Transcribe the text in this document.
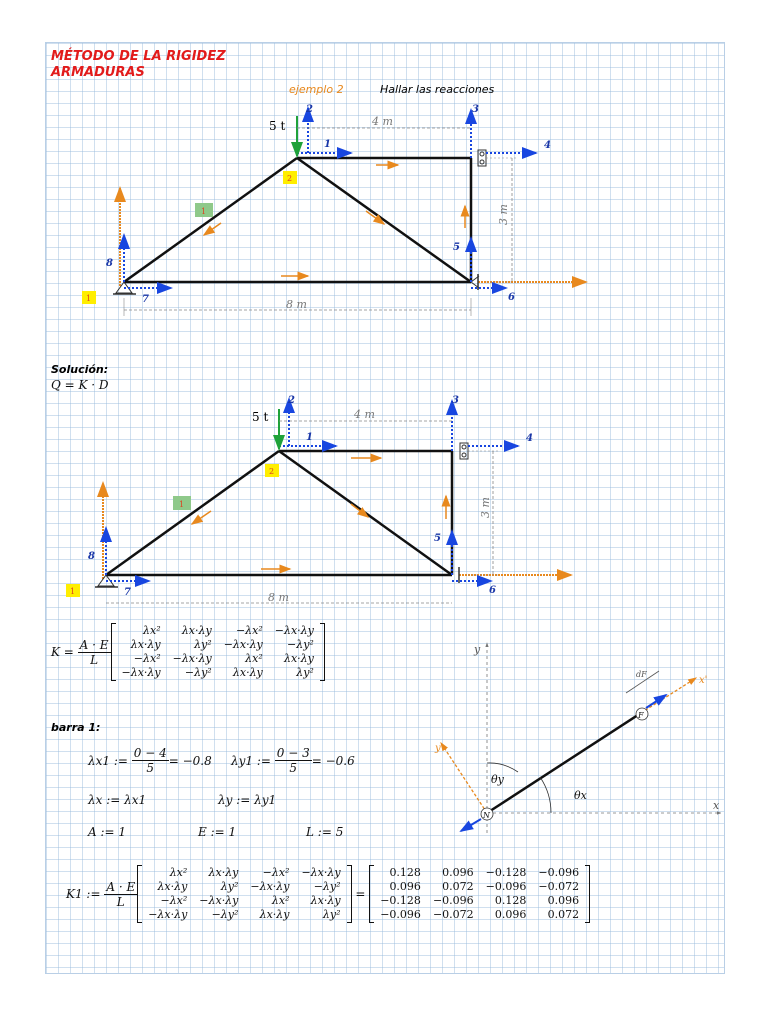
MÉTODO DE LA RIGIDEZ
ARMADURAS
ejemplo 2	Hallar las reacciones
5 t	4 m
8 m
3 m
1
2	3
4
5
6
7
8
1
2
1
Solución:
Q = K · D
5 t	4 m
8 m
3 m
1
2	3
4
5
6
7
8
1
2
1
$K = \frac{A \cdot E}{L}$
λx²	λx·λy	−λx²	−λx·λy
λx·λy	λy²	−λx·λy	−λy²
−λx²	−λx·λy	λx²	λx·λy
−λx·λy	−λy²	λx·λy	λy²
barra 1:
λx1 :=
$\frac{0 - 4}{5} = -0.8$ λy1 :=
$\frac{0 - 3}{5} = -0.6$
λx := λx1	λy := λy1
A := 1	E := 1	L := 5
K1 :=
$\frac{A \cdot E}{L}$
λx²	λx·λy	−λx²	−λx·λy
λx·λy	λy²	−λx·λy	−λy²
−λx²	−λx·λy	λx²	λx·λy
−λx·λy	−λy²	λx·λy	λy²
=
0.128	0.096	−0.128	−0.096
0.096	0.072	−0.096	−0.072
−0.128	−0.096	0.128	0.096
−0.096	−0.072	0.096	0.072
x
y
N
F
θx
θy
x'
y'
dF
